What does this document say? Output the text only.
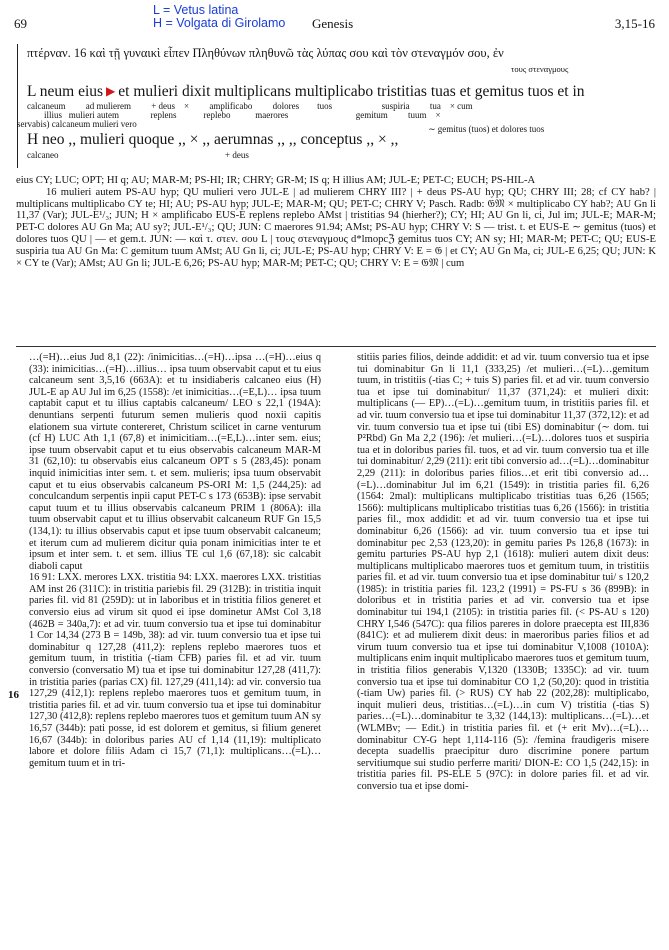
L = Vetus latina
H = Volgata di Girolamo
69	Genesis	3,15-16
πτέρναν. 16 καὶ τῇ γυναικὶ εἶπεν Πληθύνων πληθυνῶ τὰς λύπας σου καὶ τὸν στεναγμόν σου, ἐν
τους στεναγμους
L neum eius ▶ et mulieri dixit multiplicans multiplicabo tristitias tuas et gemitus tuos et in
calcaneum         ad mulierem         + deus    ×         amplificabo         dolores        tuos                      suspiria         tua    × cum
illius   mulieri autem              replens            replebo           maerores                              gemitum         tuum    ×
servabis) calcaneum mulieri vero	∼ gemitus (tuos) et dolores tuos
H neo ,, mulieri quoque ,, × ,, aerumnas ,, ,, conceptus ,, × ,,
calcaneo	+ deus

eius CY; LUC; OPT; HI q; AU; MAR-M; PS-HI; IR; CHRY; GR-M; IS q; H illius AM; JUL-E; PET-C; EUCH; PS-HIL-A

16 mulieri autem PS-AU hyp; QU mulieri vero JUL-E | ad mulierem CHRY III? | + deus PS-AU hyp; QU; CHRY III; 28; cf CY hab? | multiplicans multiplicabo CY te; HI; AU; PS-AU hyp; JUL-E; MAR-M; QU; PET-C; CHRY V; Pasch. Radb: 𝔊𝔐 × multiplicabo CY hab?; AU Gn li 11,37 (Var); JUL-E¹/₃; JUN; H × amplificabo EUS-E replens replebo AMst | tristitias 94 (hierher?); CY; HI; AU Gn li, ci, Jul im; JUL-E; MAR-M; PET-C dolores AU Gn Ma; AU sy?; JUL-E¹/₃; QU; JUN: C maerores 91.94; AMst; PS-AU hyp; CHRY V: S — trist. t. et EUS-E ∼ gemitus (tuos) et dolores tuos QU | — et gem.t. JUN: — καὶ τ. στεν. σου L | τους στεναγμους d*lmopcℨ gemitus tuos CY; AN sy; HI; MAR-M; PET-C; QU; EUS-E suspiria tua AU Gn Ma: C gemitum tuum AMst; AU Gn li, ci; JUL-E; PS-AU hyp; CHRY V: E = 𝔊 | et CY; AU Gn Ma, ci; JUL-E 6,25; QU; JUN: K × CY te (Var); AMst; AU Gn li; JUL-E 6,26; PS-AU hyp; MAR-M; PET-C; QU; CHRY V: E = 𝔊𝔐 | cum

16

…(=H)…eius Jud 8,1 (22): /inimicitias…(=H)…ipsa …(=H)…eius q (33): inimicitias…(=H)…illius… ipsa tuum observabit caput et tu eius calcaneum sent 3,5,16 (663A): et tu insidiaberis calcaneo eius (H) JUL-E ap AU Jul im 6,25 (1558): /et inimicitias…(=E,L)… ipsa tuum captabit caput et tu illius captabis calcaneum/ LEO s 22,1 (194A): denuntians serpenti futurum semen mulieris quod noxii capitis elationem sua virtute contereret, Christum scilicet in carne venturum (cf H) LUC Ath 1,1 (67,8) et inimicitiam…(=E,L)…inter sem. eius; ipse tuum observabit caput et tu eius observabis calcaneum MAR-M 31 (62,10): tu observabis eius calcaneum OPT s 5 (283,45): ponam inquid inimicitias inter sem. t. et sem. mulieris; ipsa tuum observabit caput et tu eius observabis calcaneum PS-ORI M: 1,5 (244,25): ad conculcandum serpentis inpii caput PET-C s 173 (653B): ipse servabit caput tuum et tu illius observabis calcaneum PRIM 1 (806A): illa tuum observabit caput et tu illius observabit calcaneum RUF Gn 15,5 (134,1): tu illius observabis caput et ipse tuum observabit calcaneum; et iterum cum ad mulierem dicitur quia ponam inimicitias inter te et ipsum et inter sem. t. et sem. illius TE cul 1,6 (67,18): sic calcabit diaboli caput

16 91: LXX. merores LXX. tristitia 94: LXX. maerores LXX. tristitias AM inst 26 (311C): in tristitia pariebis fil. 29 (312B): in tristitia inquit paries fil. vid 81 (259D): ut in laboribus et in tristitia filios generet et conversio eius ad virum sit quod ei ipse dominetur AMst Col 3,18 (462B = 340a,7): et ad vir. tuum conversio tua et ipse tui dominabitur 1 Cor 14,34 (273 B = 149b, 38): ad vir. tuum conversio tua et ipse tui dominabitur q 127,28 (411,2): replens replebo maerores tuos et gemitum tuum, in tristitia (-tiam CFB) paries fil. et ad vir. tuum conversio (conversatio M) tua et ipse tui dominabitur 127,28 (411,7): in tristitia paries (parias CX) fil. 127,29 (411,14): ad vir. conversio tua 127,29 (412,1): replens replebo maerores tuos et gemitum tuum, in tristitia paries fil. et ad vir. tuum conversio tua et ipse tui dominabitur 127,30 (412,8): replens replebo maerores tuos et gemitum tuum AN sy 16,57 (344b): pati posse, id est dolorem et gemitus, si filium generet 16,67 (344b): in doloribus paries AU cf 1,14 (11,19): multiplicato labore et dolore filiis Adam ci 15,7 (71,1): multiplicans…(=L)…gemitum tuum et in tri-

stitiis paries filios, deinde addidit: et ad vir. tuum conversio tua et ipse tui dominabitur Gn li 11,1 (333,25) /et mulieri…(=L)…gemitum tuum, in tristitiis (-tias C; + tuis S) paries fil. et ad vir. tuum conversio tua et ipse tui dominabitur/ 11,37 (371,24): et mulieri dixit: multiplicans (— EP)…(=L)…gemitum tuum, in tristitiis paries fil. et ad vir. tuum conversio tua et ipse tui dominabitur 11,37 (372,12): et ad vir. tuum conversio tua et ipse tui (tibi ES) dominabitur (∼ dom. tui P²Rbd) Gn Ma 2,2 (196): /et mulieri…(=L)…dolores tuos et suspiria tua et in doloribus paries fil. tuos, et ad vir. tuum conversio tua et ille tui dominabitur/ 2,29 (211): erit tibi conversio ad…(=L)…dominabitur 2,29 (211): in doloribus paries filios…et erit tibi conversio ad…(=L)…dominabitur Jul im 6,21 (1549): in tristitia paries fil. 6,26 (1564: 2mal): multiplicans multiplicabo tristitias tuas 6,26 (1565; 1566): multiplicans multiplicabo tristitias tuas 6,26 (1566): in tristitia paries fil., mox addidit: et ad vir. tuum conversio tua et ipse tui dominabitur 6,26 (1566): ad vir. tuum conversio tua et ipse tui dominabitur pec 2,53 (123,20): in gemitu paries Ps 126,8 (1673): in gemitu parturies PS-AU hyp 2,1 (1618): mulieri autem dixit deus: multiplicans multiplicabo maerores tuos et gemitum tuum, in tristitiis paries fil. et ad vir. tuum conversio tua et ipse dominabitur tui/ s 120,2 (1985): in tristitia paries fil. 123,2 (1991) = PS-FU s 36 (899B): in doloribus et in tristitia paries et ad vir. conversio tua et ipse dominabitur tui 194,1 (2105): in tristitia paries fil. (< PS-AU s 120) CHRY I,546 (547C): qua filios pareres in dolore praecepta est III,836 (841C): et ad mulierem dixit deus: in maeroribus paries filios et ad virum tuum conversio tua et ipse tui dominabitur V,1008 (1010A): multiplicans enim inquit multiplicabo maerores tuos et gemitum tuum, in tristitia filios generabis V,1320 (1330B; 1335C): ad vir. tuum conversio tua et ipse tui dominabitur CO 1,2 (50,20): quod in tristitia (-tiam Uw) paries fil. (> RUS) CY hab 22 (202,28): multiplicabo, inquit mulieri deus, tristitias…(=L)…in cum V) tristitia (-tias S) paries…(=L)…dominabitur te 3,32 (144,13): multiplicans…(=L)…et (WLMBv; — Edit.) in tristitia paries fil. et (+ erit Mv)…(=L)…dominabitur CY-G hept 1,114-116 (5): /femina fraudigeris misere decepta suadellis praecipitur duro discrimine ponere partum servitiumque sui studio perferre mariti/ DION-E: CO 1,5 (242,15): in tristitia paries fil. PS-ELE 5 (97C): in dolore paries fil. et ad vir. conversio tua et ipse domi-
